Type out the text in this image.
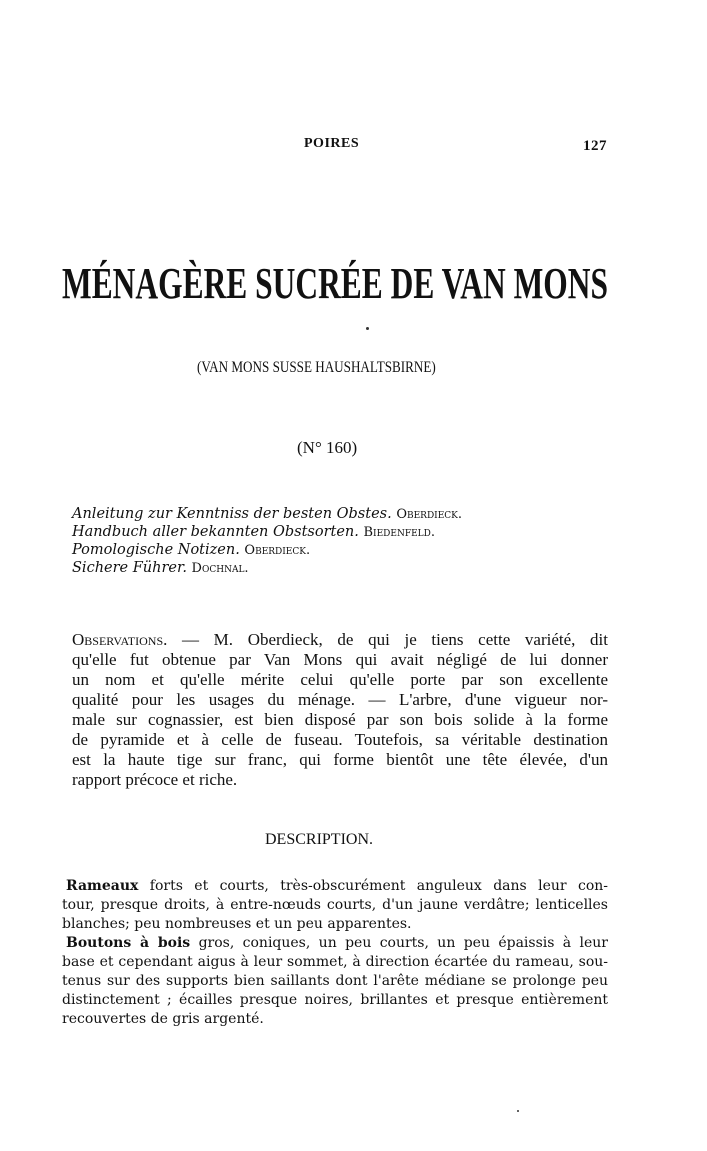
POIRES	127
MÉNAGÈRE SUCRÉE DE VAN MONS
(VAN MONS SUSSE HAUSHALTSBIRNE)
(N° 160)
Anleitung zur Kenntniss der besten Obstes. Oberdieck.
Handbuch aller bekannten Obstsorten. Biedenfeld.
Pomologische Notizen. Oberdieck.
Sichere Führer. Dochnal.
Observations. — M. Oberdieck, de qui je tiens cette variété, dit
qu'elle fut obtenue par Van Mons qui avait négligé de lui donner
un nom et qu'elle mérite celui qu'elle porte par son excellente
qualité pour les usages du ménage. — L'arbre, d'une vigueur nor-
male sur cognassier, est bien disposé par son bois solide à la forme
de pyramide et à celle de fuseau. Toutefois, sa véritable destination
est la haute tige sur franc, qui forme bientôt une tête élevée, d'un
rapport précoce et riche.
DESCRIPTION.
Rameaux forts et courts, très-obscurément anguleux dans leur con-
tour, presque droits, à entre-nœuds courts, d'un jaune verdâtre; lenticelles
blanches; peu nombreuses et un peu apparentes.
Boutons à bois gros, coniques, un peu courts, un peu épaissis à leur
base et cependant aigus à leur sommet, à direction écartée du rameau, sou-
tenus sur des supports bien saillants dont l'arête médiane se prolonge peu
distinctement ; écailles presque noires, brillantes et presque entièrement
recouvertes de gris argenté.
